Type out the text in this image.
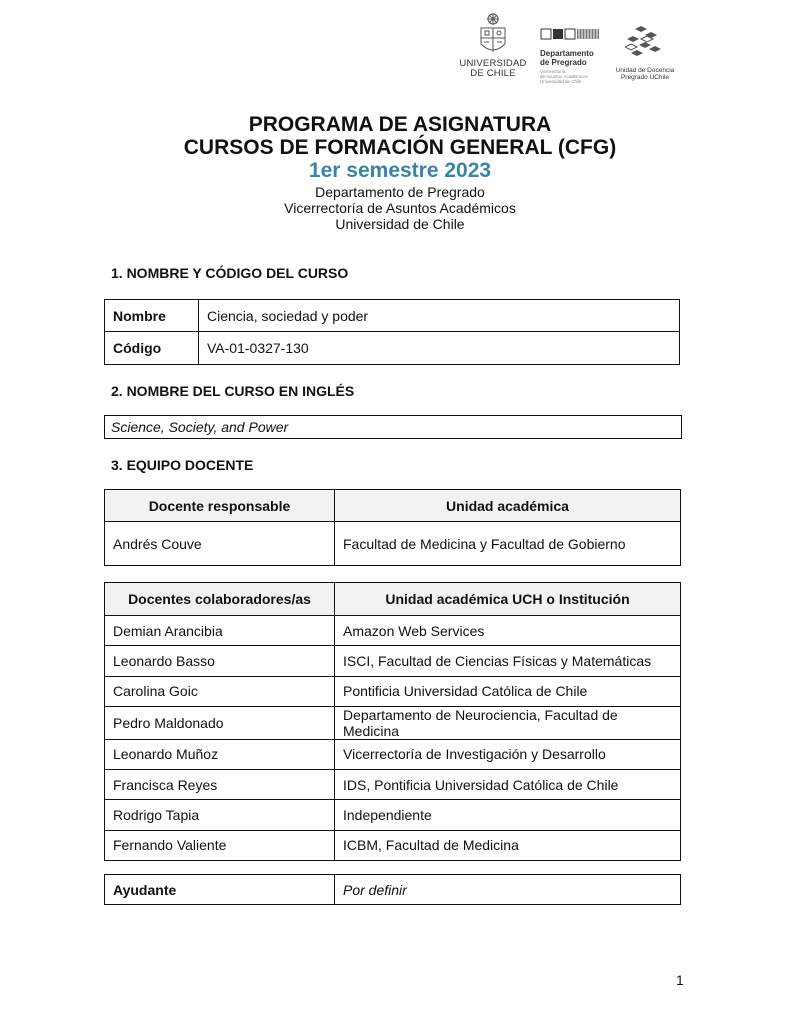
UNIVERSIDAD
DE CHILE
Departamento
de Pregrado
Vicerrectoría
de Asuntos Académicos
Universidad de Chile
Unidad de Docencia
Pregrado UChile
PROGRAMA DE ASIGNATURA
CURSOS DE FORMACIÓN GENERAL (CFG)
1er semestre 2023
Departamento de Pregrado
Vicerrectoría de Asuntos Académicos
Universidad de Chile
1. NOMBRE Y CÓDIGO DEL CURSO
Nombre	Ciencia, sociedad y poder
Código	VA-01-0327-130
2. NOMBRE DEL CURSO EN INGLÉS
Science, Society, and Power
3. EQUIPO DOCENTE
Docente responsable	Unidad académica
Andrés Couve	Facultad de Medicina y Facultad de Gobierno
Docentes colaboradores/as	Unidad académica UCH o Institución
Demian Arancibia	Amazon Web Services
Leonardo Basso	ISCI, Facultad de Ciencias Físicas y Matemáticas
Carolina Goic	Pontificia Universidad Católica de Chile
Pedro Maldonado	Departamento de Neurociencia, Facultad de Medicina
Leonardo Muñoz	Vicerrectoría de Investigación y Desarrollo
Francisca Reyes	IDS, Pontificia Universidad Católica de Chile
Rodrigo Tapia	Independiente
Fernando Valiente	ICBM, Facultad de Medicina
Ayudante	Por definir
1
